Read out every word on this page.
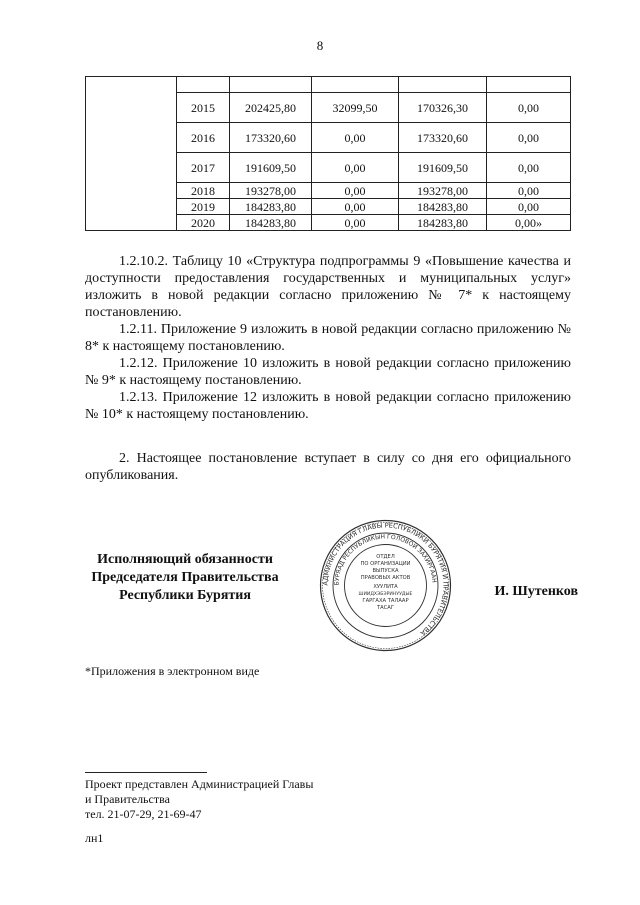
8

	2015	202425,80	32099,50	170326,30	0,00
	2016	173320,60	0,00	173320,60	0,00
	2017	191609,50	0,00	191609,50	0,00
	2018	193278,00	0,00	193278,00	0,00
	2019	184283,80	0,00	184283,80	0,00
	2020	184283,80	0,00	184283,80	0,00»

1.2.10.2. Таблицу 10 «Структура подпрограммы 9 «Повышение качества и доступности предоставления государственных и муниципальных услуг» изложить в новой редакции согласно приложению № 7* к настоящему постановлению.

1.2.11. Приложение 9 изложить в новой редакции согласно приложению № 8* к настоящему постановлению.

1.2.12. Приложение 10 изложить в новой редакции согласно приложению № 9* к настоящему постановлению.

1.2.13. Приложение 12 изложить в новой редакции согласно приложению № 10* к настоящему постановлению.

2. Настоящее постановление вступает в силу со дня его официального опубликования.

Исполняющий обязанности
Председателя Правительства
Республики Бурятия
АДМИНИСТРАЦИЯ ГЛАВЫ РЕСПУБЛИКИ БУРЯТИЯ И ПРАВИТЕЛЬСТВА
БУРЯАД РЕСПУБЛИКЫН ГОЛОВОЙ ЗАХИРГААН
ОТДЕЛ
ПО ОРГАНИЗАЦИИ
ВЫПУСКА
ПРАВОВЫХ АКТОВ
ХУУЛИТА
ШИИДХЭБЭРИНУУДЫЕ
ГАРГАХА ТАЛААР
ТАСАГ
И. Шутенков
*Приложения в электронном виде
Проект представлен Администрацией Главы
и Правительства
тел. 21-07-29, 21-69-47
лн1
